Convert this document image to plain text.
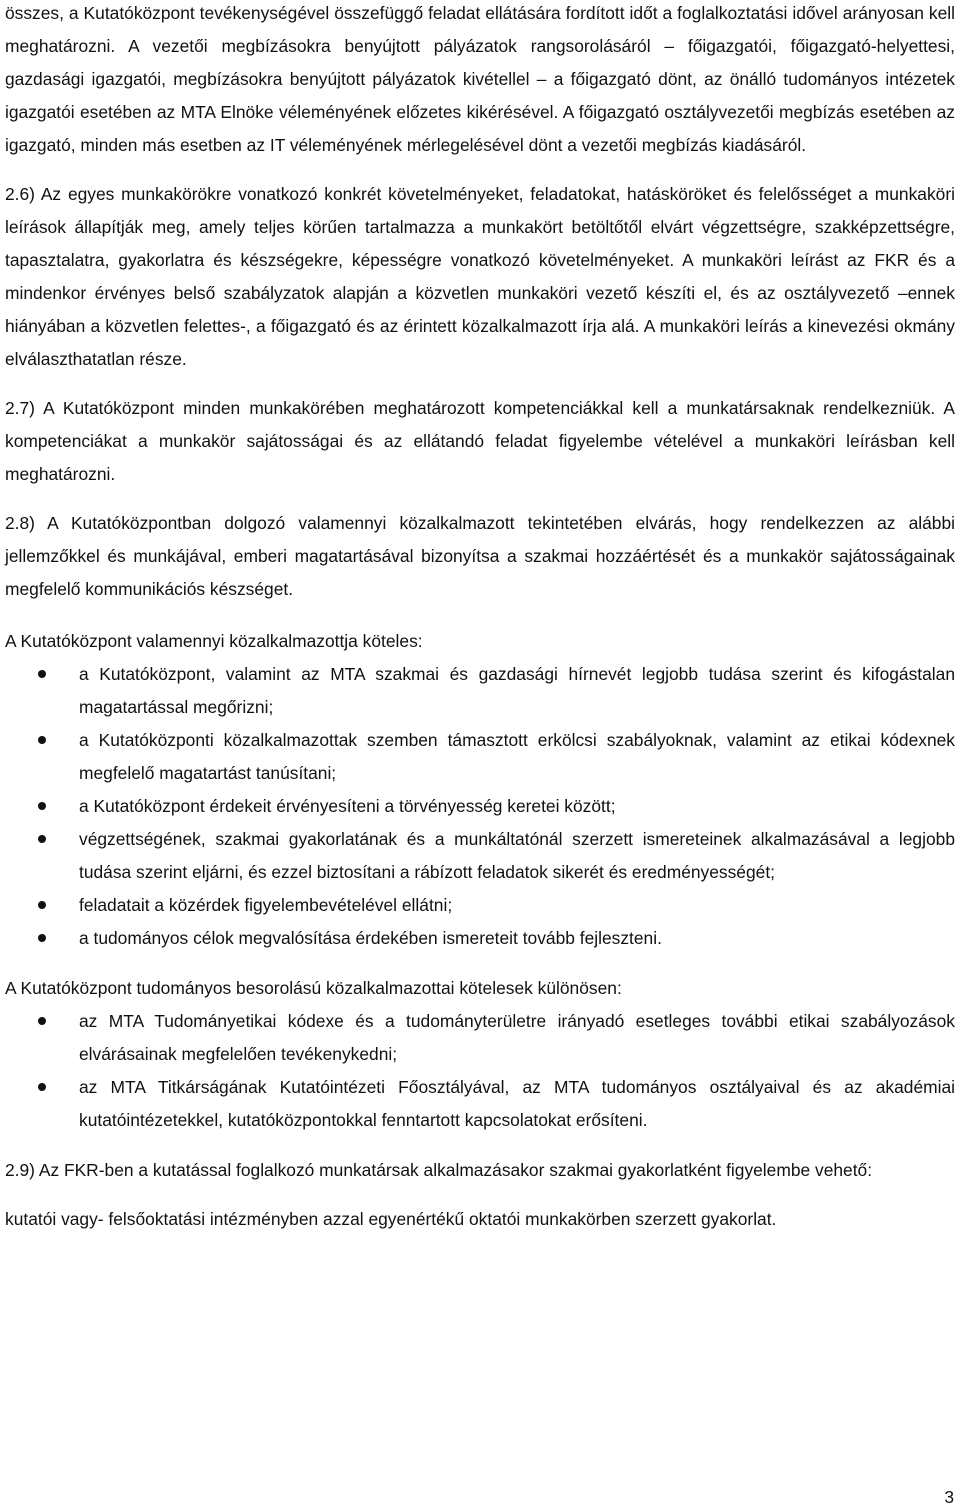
összes, a Kutatóközpont tevékenységével összefüggő feladat ellátására fordított időt a foglalkoztatási idővel arányosan kell meghatározni. A vezetői megbízásokra benyújtott pályázatok rangsorolásáról – főigazgatói, főigazgató-helyettesi, gazdasági igazgatói, megbízásokra benyújtott pályázatok kivétellel – a főigazgató dönt, az önálló tudományos intézetek igazgatói esetében az MTA Elnöke véleményének előzetes kikérésével. A főigazgató osztályvezetői megbízás esetében az igazgató, minden más esetben az IT véleményének mérlegelésével dönt a vezetői megbízás kiadásáról.

2.6) Az egyes munkakörökre vonatkozó konkrét követelményeket, feladatokat, hatásköröket és felelősséget a munkaköri leírások állapítják meg, amely teljes körűen tartalmazza a munkakört betöltőtől elvárt végzettségre, szakképzettségre, tapasztalatra, gyakorlatra és készségekre, képességre vonatkozó követelményeket. A munkaköri leírást az FKR és a mindenkor érvényes belső szabályzatok alapján a közvetlen munkaköri vezető készíti el, és az osztályvezető –ennek hiányában a közvetlen felettes-, a főigazgató és az érintett közalkalmazott írja alá. A munkaköri leírás a kinevezési okmány elválaszthatatlan része.

2.7) A Kutatóközpont minden munkakörében meghatározott kompetenciákkal kell a munkatársaknak rendelkezniük. A kompetenciákat a munkakör sajátosságai és az ellátandó feladat figyelembe vételével a munkaköri leírásban kell meghatározni.

2.8) A Kutatóközpontban dolgozó valamennyi közalkalmazott tekintetében elvárás, hogy rendelkezzen az alábbi jellemzőkkel és munkájával, emberi magatartásával bizonyítsa a szakmai hozzáértését és a munkakör sajátosságainak megfelelő kommunikációs készséget.

A Kutatóközpont valamennyi közalkalmazottja köteles:

a Kutatóközpont, valamint az MTA szakmai és gazdasági hírnevét legjobb tudása szerint és kifogástalan magatartással megőrizni;
a Kutatóközponti közalkalmazottak szemben támasztott erkölcsi szabályoknak, valamint az etikai kódexnek megfelelő magatartást tanúsítani;
a Kutatóközpont érdekeit érvényesíteni a törvényesség keretei között;
végzettségének, szakmai gyakorlatának és a munkáltatónál szerzett ismereteinek alkalmazásával a legjobb tudása szerint eljárni, és ezzel biztosítani a rábízott feladatok sikerét és eredményességét;
feladatait a közérdek figyelembevételével ellátni;
a tudományos célok megvalósítása érdekében ismereteit tovább fejleszteni.

A Kutatóközpont tudományos besorolású közalkalmazottai kötelesek különösen:

az MTA Tudományetikai kódexe és a tudományterületre irányadó esetleges további etikai szabályozások elvárásainak megfelelően tevékenykedni;
az MTA Titkárságának Kutatóintézeti Főosztályával, az MTA tudományos osztályaival és az akadémiai kutatóintézetekkel, kutatóközpontokkal fenntartott kapcsolatokat erősíteni.

2.9) Az FKR-ben a kutatással foglalkozó munkatársak alkalmazásakor szakmai gyakorlatként figyelembe vehető:

kutatói vagy- felsőoktatási intézményben azzal egyenértékű oktatói munkakörben szerzett gyakorlat.

3
